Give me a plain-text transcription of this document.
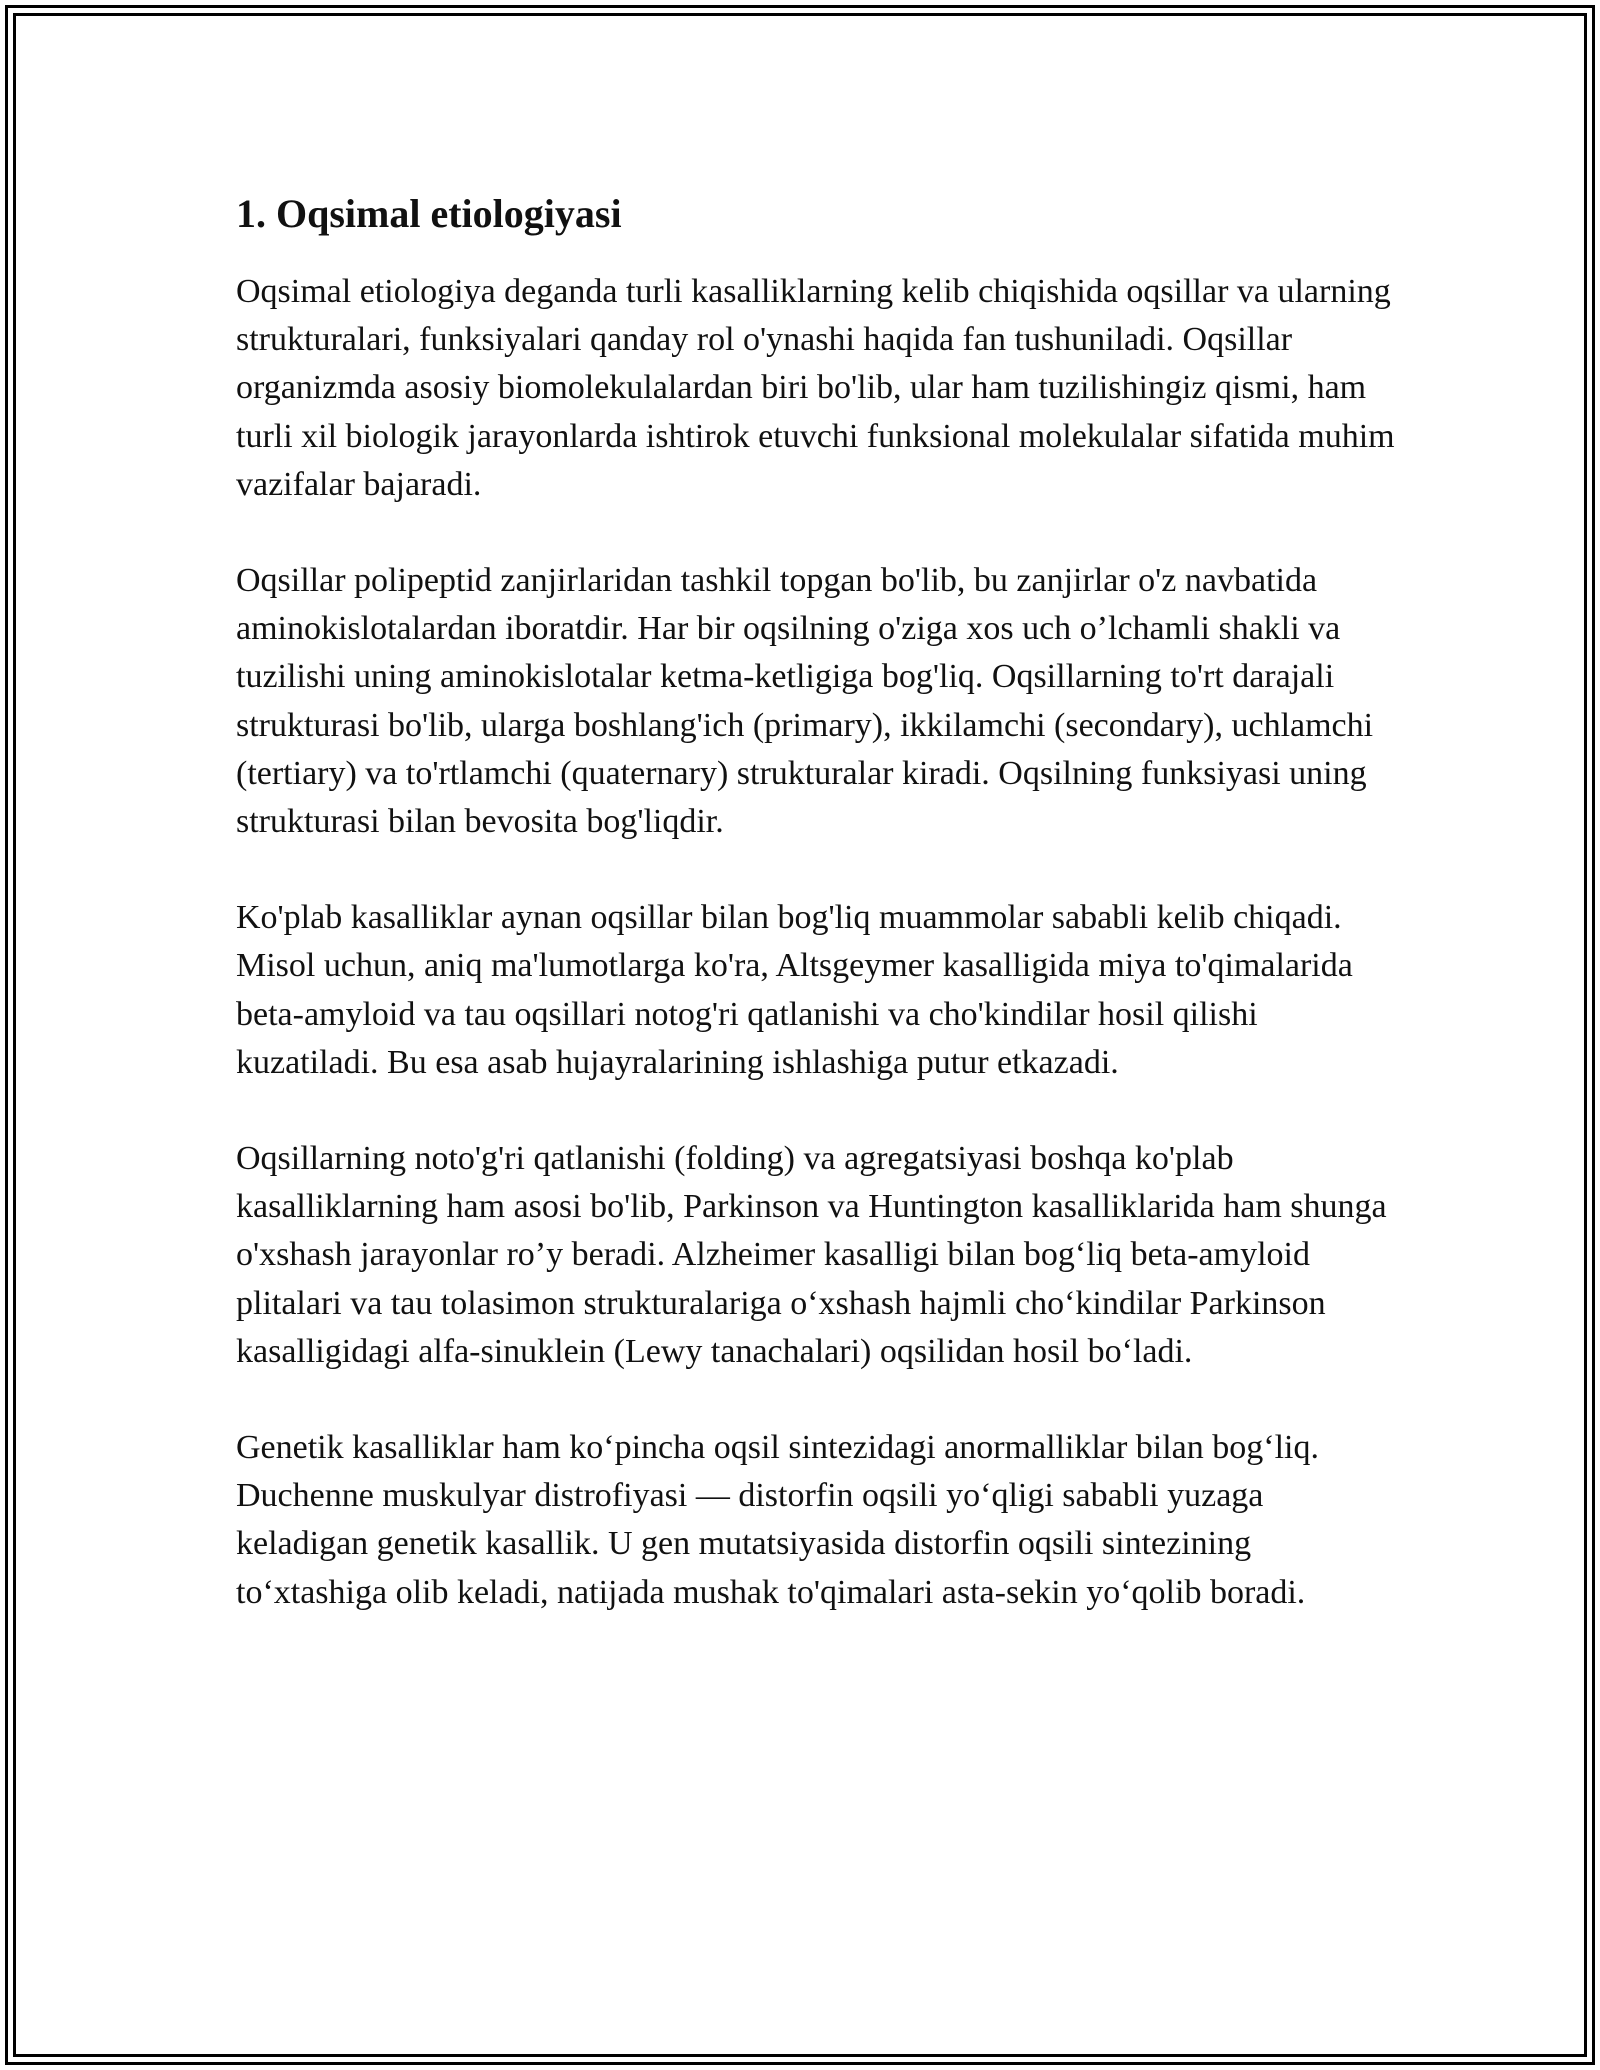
1. Oqsimal etiologiyasi

Oqsimal etiologiya deganda turli kasalliklarning kelib chiqishida oqsillar va ularning strukturalari, funksiyalari qanday rol o'ynashi haqida fan tushuniladi. Oqsillar organizmda asosiy biomolekulalardan biri bo'lib, ular ham tuzilishingiz qismi, ham turli xil biologik jarayonlarda ishtirok etuvchi funksional molekulalar sifatida muhim vazifalar bajaradi.

Oqsillar polipeptid zanjirlaridan tashkil topgan bo'lib, bu zanjirlar o'z navbatida aminokislotalardan iboratdir. Har bir oqsilning o'ziga xos uch o’lchamli shakli va tuzilishi uning aminokislotalar ketma-ketligiga bog'liq. Oqsillarning to'rt darajali strukturasi bo'lib, ularga boshlang'ich (primary), ikkilamchi (secondary), uchlamchi (tertiary) va to'rtlamchi (quaternary) strukturalar kiradi. Oqsilning funksiyasi uning strukturasi bilan bevosita bog'liqdir.

Ko'plab kasalliklar aynan oqsillar bilan bog'liq muammolar sababli kelib chiqadi. Misol uchun, aniq ma'lumotlarga ko'ra, Altsgeymer kasalligida miya to'qimalarida beta-amyloid va tau oqsillari notog'ri qatlanishi va cho'kindilar hosil qilishi kuzatiladi. Bu esa asab hujayralarining ishlashiga putur etkazadi.

Oqsillarning noto'g'ri qatlanishi (folding) va agregatsiyasi boshqa ko'plab kasalliklarning ham asosi bo'lib, Parkinson va Huntington kasalliklarida ham shunga o'xshash jarayonlar ro’y beradi. Alzheimer kasalligi bilan bog‘liq beta-amyloid plitalari va tau tolasimon strukturalariga o‘xshash hajmli cho‘kindilar Parkinson kasalligidagi alfa-sinuklein (Lewy tanachalari) oqsilidan hosil bo‘ladi.

Genetik kasalliklar ham ko‘pincha oqsil sintezidagi anormalliklar bilan bog‘liq. Duchenne muskulyar distrofiyasi — distorfin oqsili yo‘qligi sababli yuzaga keladigan genetik kasallik. U gen mutatsiyasida distorfin oqsili sintezining to‘xtashiga olib keladi, natijada mushak to'qimalari asta-sekin yo‘qolib boradi.
